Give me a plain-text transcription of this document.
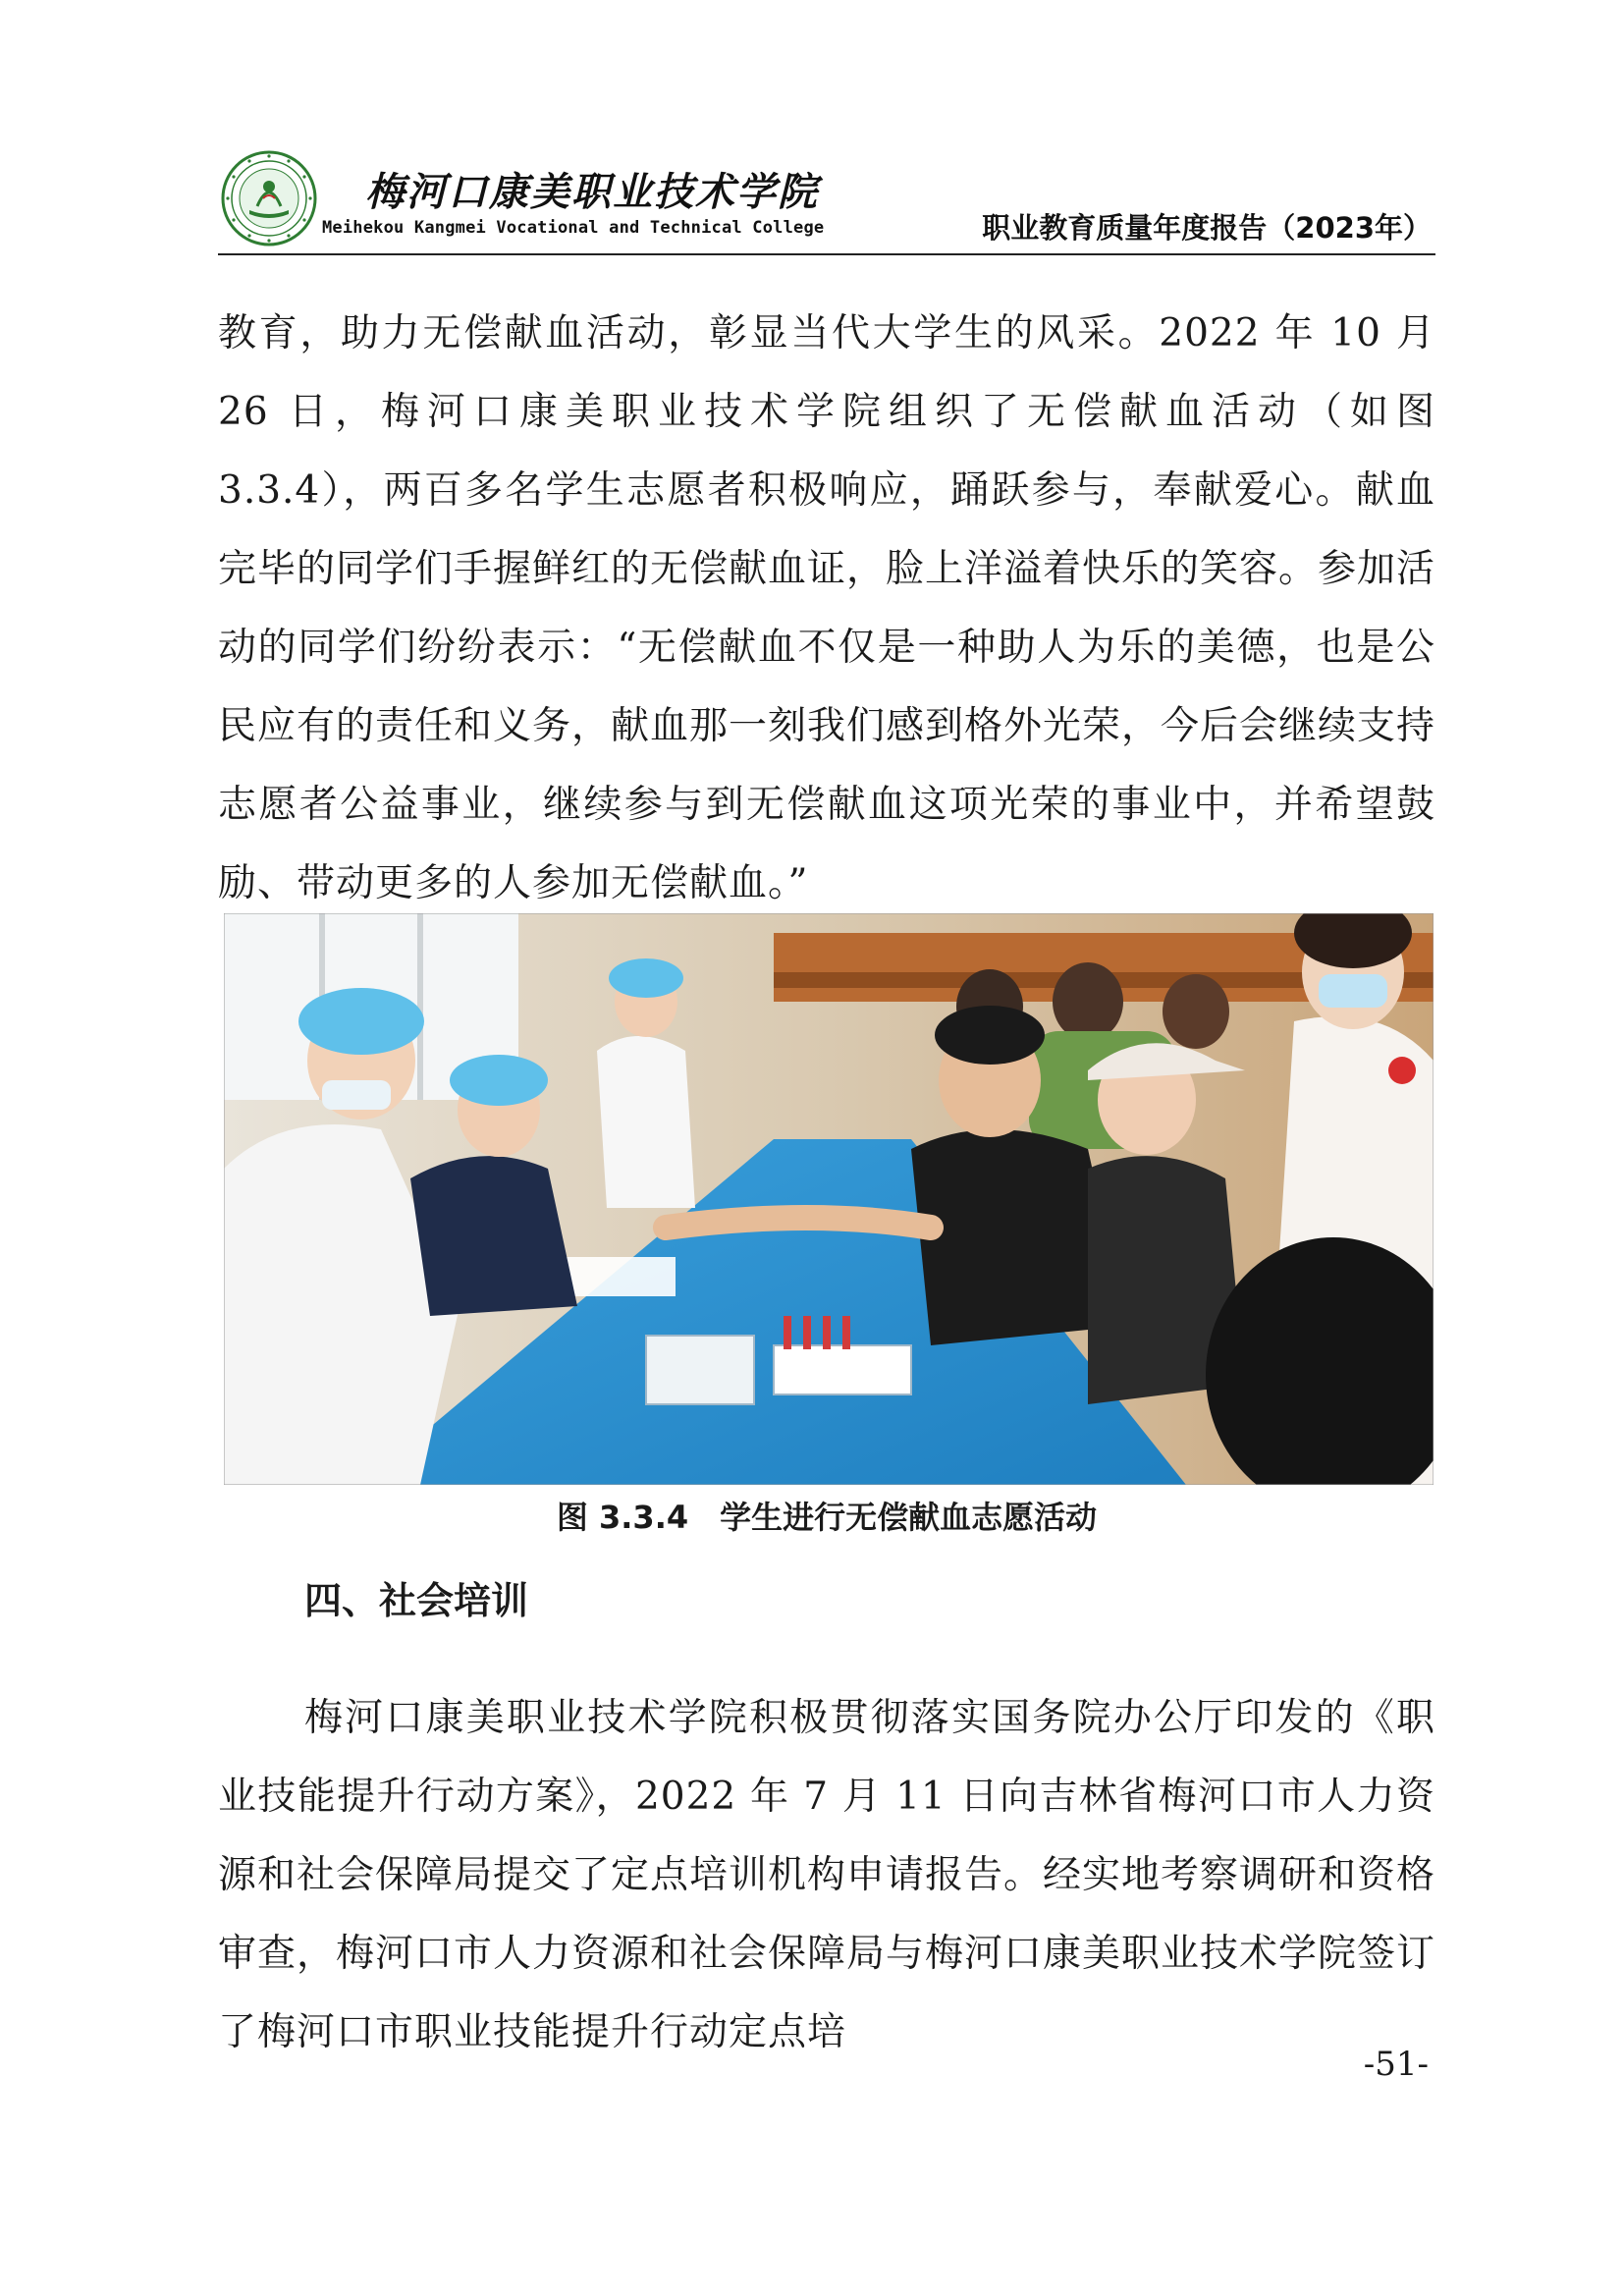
梅河口康美职业技术学院
Meihekou Kangmei Vocational and Technical College	职业教育质量年度报告（2023年）

教育，助力无偿献血活动，彰显当代大学生的风采。2022 年 10 月 26 日，梅河口康美职业技术学院组织了无偿献血活动（如图 3.3.4），两百多名学生志愿者积极响应，踊跃参与，奉献爱心。献血完毕的同学们手握鲜红的无偿献血证，脸上洋溢着快乐的笑容。参加活动的同学们纷纷表示：“无偿献血不仅是一种助人为乐的美德，也是公民应有的责任和义务，献血那一刻我们感到格外光荣，今后会继续支持志愿者公益事业，继续参与到无偿献血这项光荣的事业中，并希望鼓励、带动更多的人参加无偿献血。”

图 3.3.4　学生进行无偿献血志愿活动
四、社会培训

梅河口康美职业技术学院积极贯彻落实国务院办公厅印发的《职业技能提升行动方案》，2022 年 7 月 11 日向吉林省梅河口市人力资源和社会保障局提交了定点培训机构申请报告。经实地考察调研和资格审查，梅河口市人力资源和社会保障局与梅河口康美职业技术学院签订了梅河口市职业技能提升行动定点培

-51-
